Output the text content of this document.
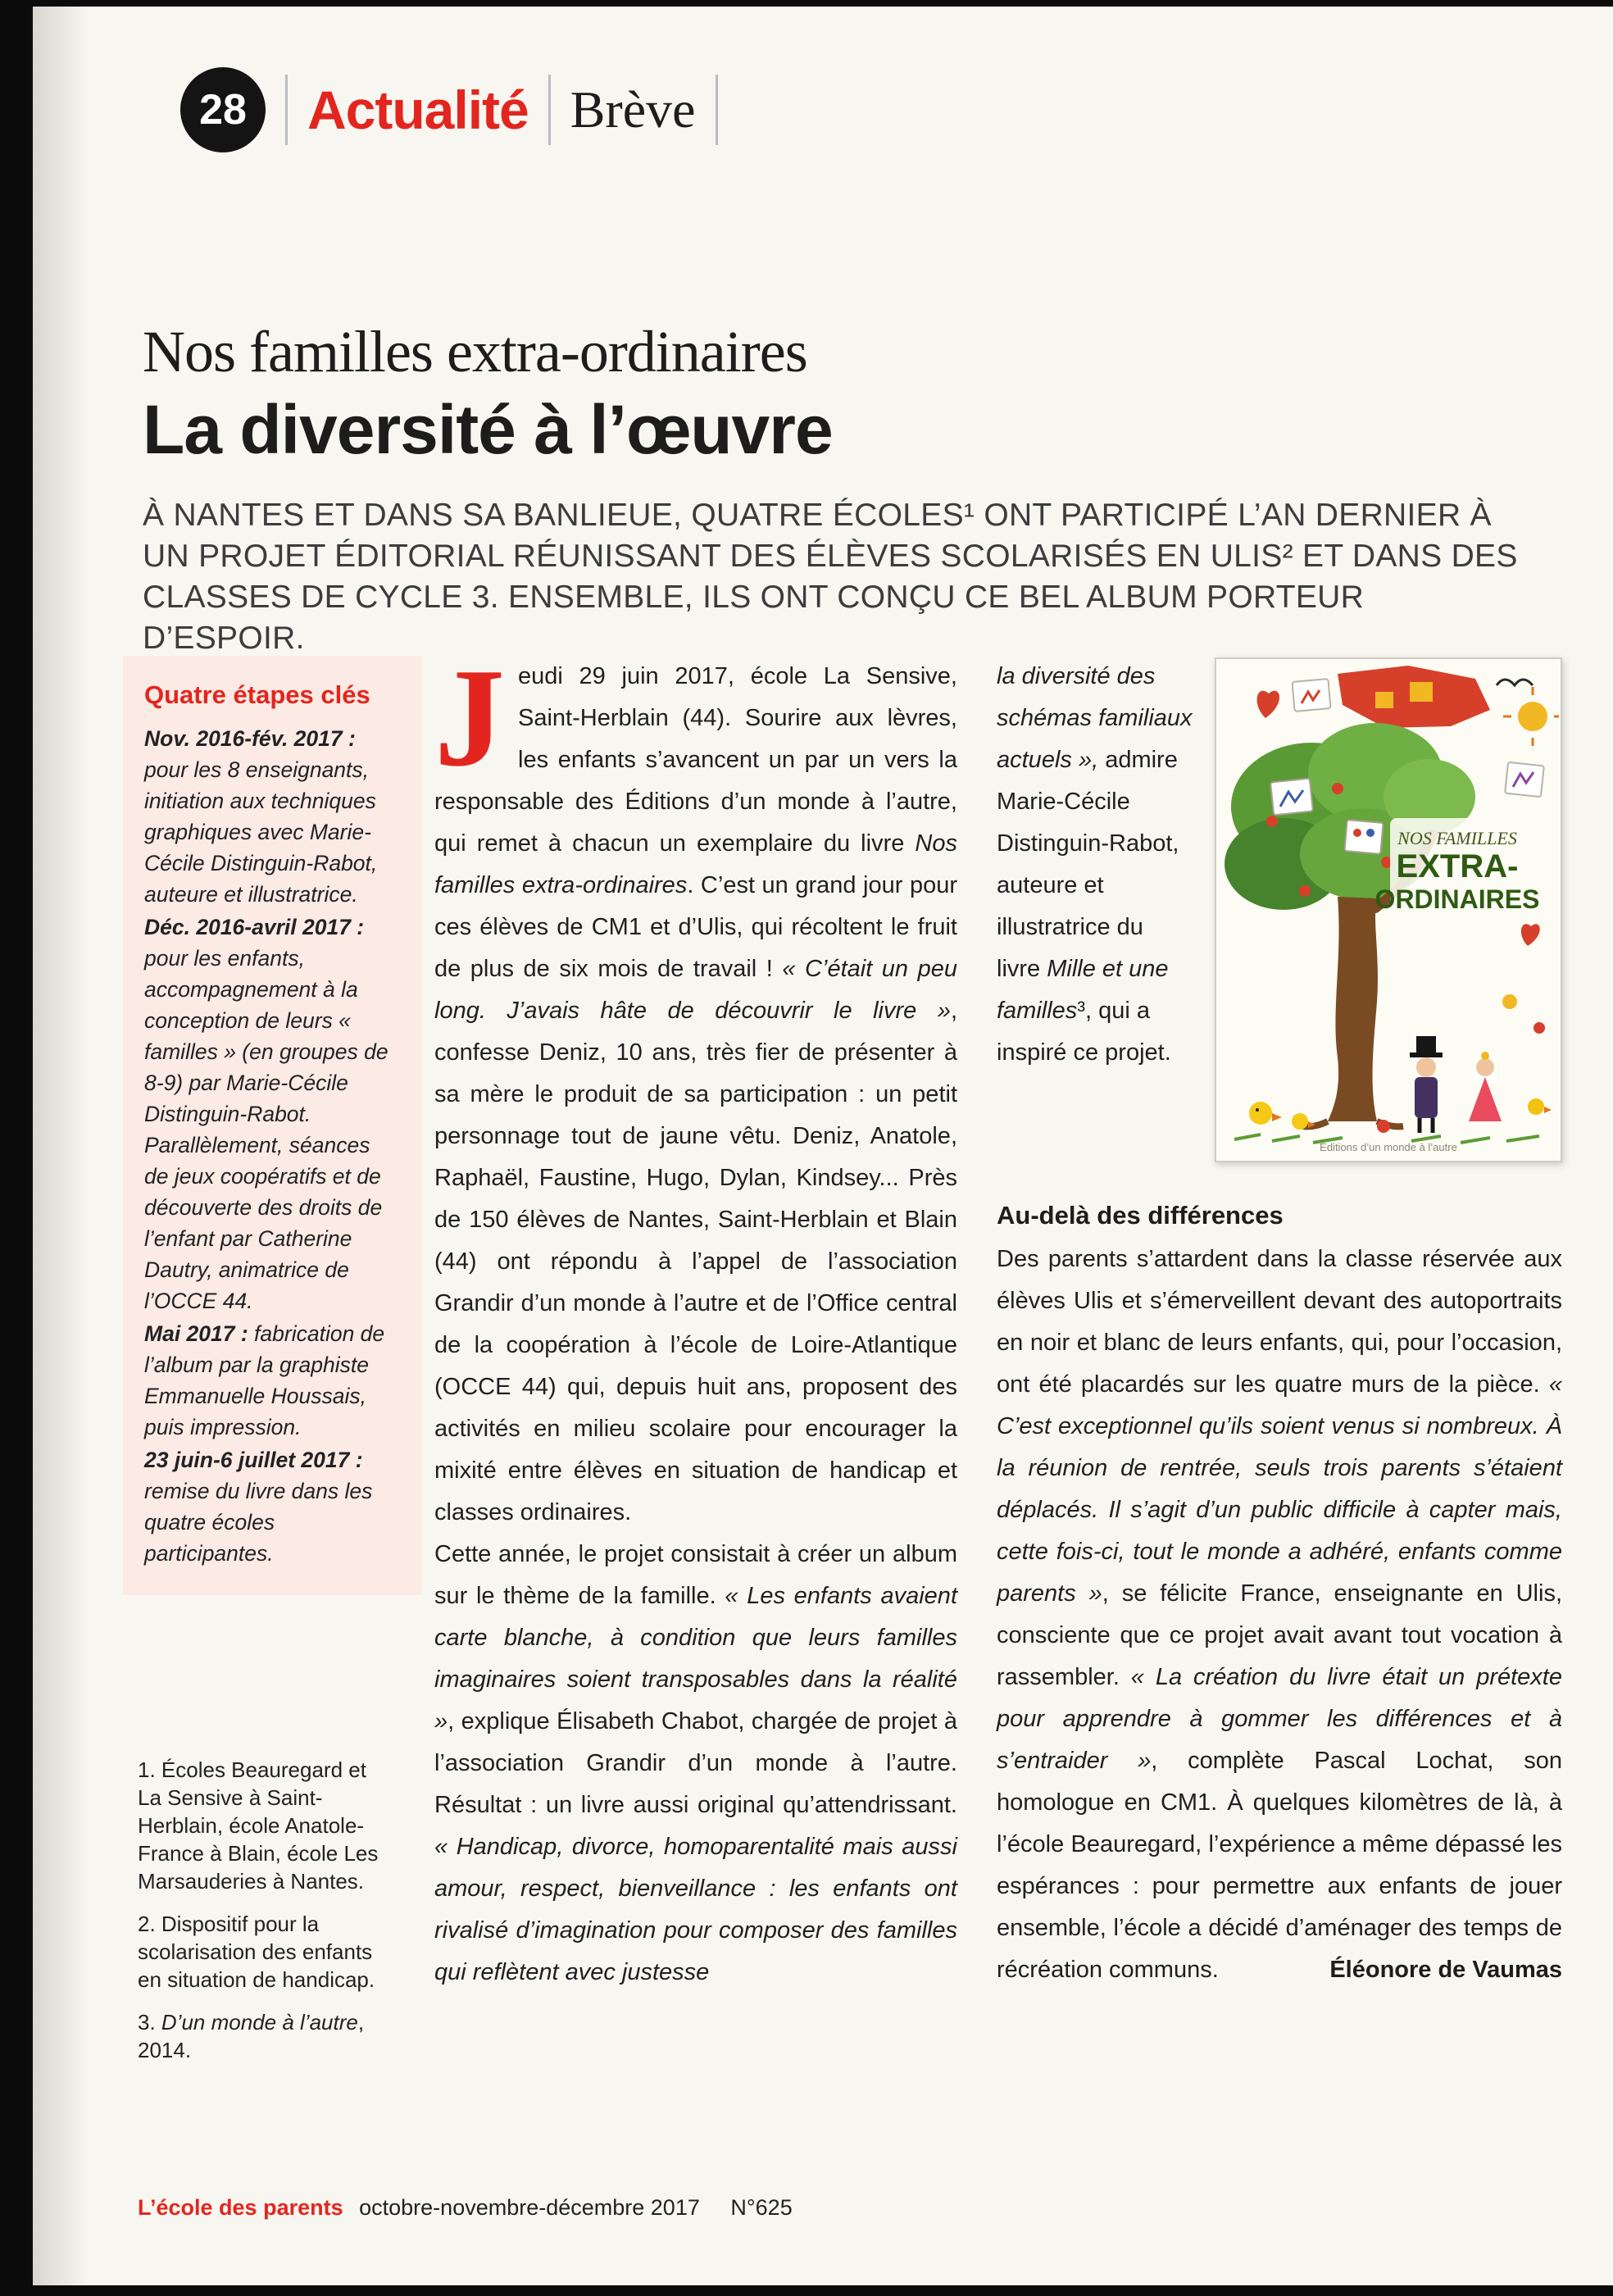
28 Actualité Brève
Nos familles extra-ordinaires
La diversité à l’œuvre

À NANTES ET DANS SA BANLIEUE, QUATRE ÉCOLES¹ ONT PARTICIPÉ L’AN DERNIER À UN PROJET ÉDITORIAL RÉUNISSANT DES ÉLÈVES SCOLARISÉS EN ULIS² ET DANS DES CLASSES DE CYCLE 3. ENSEMBLE, ILS ONT CONÇU CE BEL ALBUM PORTEUR D’ESPOIR.

Quatre étapes clés

Nov. 2016-fév. 2017 : pour les 8 enseignants, initiation aux techniques graphiques avec Marie-Cécile Distinguin-Rabot, auteure et illustratrice.

Déc. 2016-avril 2017 : pour les enfants, accompagnement à la conception de leurs « familles » (en groupes de 8-9) par Marie-Cécile Distinguin-Rabot. Parallèlement, séances de jeux coopératifs et de découverte des droits de l’enfant par Catherine Dautry, animatrice de l’OCCE 44.

Mai 2017 : fabrication de l’album par la graphiste Emmanuelle Houssais, puis impression.

23 juin-6 juillet 2017 : remise du livre dans les quatre écoles participantes.

1. Écoles Beauregard et La Sensive à Saint-Herblain, école Anatole-France à Blain, école Les Marsauderies à Nantes.

2. Dispositif pour la scolarisation des enfants en situation de handicap.

3. D’un monde à l’autre, 2014.

Jeudi 29 juin 2017, école La Sensive, Saint-Herblain (44). Sourire aux lèvres, les enfants s’avancent un par un vers la responsable des Éditions d’un monde à l’autre, qui remet à chacun un exemplaire du livre Nos familles extra-ordinaires. C’est un grand jour pour ces élèves de CM1 et d’Ulis, qui récoltent le fruit de plus de six mois de travail ! « C’était un peu long. J’avais hâte de découvrir le livre », confesse Deniz, 10 ans, très fier de présenter à sa mère le produit de sa participation : un petit personnage tout de jaune vêtu. Deniz, Anatole, Raphaël, Faustine, Hugo, Dylan, Kindsey... Près de 150 élèves de Nantes, Saint-Herblain et Blain (44) ont répondu à l’appel de l’association Grandir d’un monde à l’autre et de l’Office central de la coopération à l’école de Loire-Atlantique (OCCE 44) qui, depuis huit ans, proposent des activités en milieu scolaire pour encourager la mixité entre élèves en situation de handicap et classes ordinaires.

Cette année, le projet consistait à créer un album sur le thème de la famille. « Les enfants avaient carte blanche, à condition que leurs familles imaginaires soient transposables dans la réalité », explique Élisabeth Chabot, chargée de projet à l’association Grandir d’un monde à l’autre. Résultat : un livre aussi original qu’attendrissant. « Handicap, divorce, homoparentalité mais aussi amour, respect, bienveillance : les enfants ont rivalisé d’imagination pour composer des familles qui reflètent avec justesse

NOS FAMILLES
EXTRA-
ORDINAIRES
Éditions d’un monde à l’autre

la diversité des schémas familiaux actuels », admire Marie-Cécile Distinguin-Rabot, auteure et illustratrice du livre Mille et une familles³, qui a inspiré ce projet.

Au-delà des différences

Des parents s’attardent dans la classe réservée aux élèves Ulis et s’émerveillent devant des autoportraits en noir et blanc de leurs enfants, qui, pour l’occasion, ont été placardés sur les quatre murs de la pièce. « C’est exceptionnel qu’ils soient venus si nombreux. À la réunion de rentrée, seuls trois parents s’étaient déplacés. Il s’agit d’un public difficile à capter mais, cette fois-ci, tout le monde a adhéré, enfants comme parents », se félicite France, enseignante en Ulis, consciente que ce projet avait avant tout vocation à rassembler. « La création du livre était un prétexte pour apprendre à gommer les différences et à s’entraider », complète Pascal Lochat, son homologue en CM1. À quelques kilomètres de là, à l’école Beauregard, l’expérience a même dépassé les espérances : pour permettre aux enfants de jouer ensemble, l’école a décidé d’aménager des temps de récréation communs.	Éléonore de Vaumas
L’école des parents octobre-novembre-décembre 2017 N°625
